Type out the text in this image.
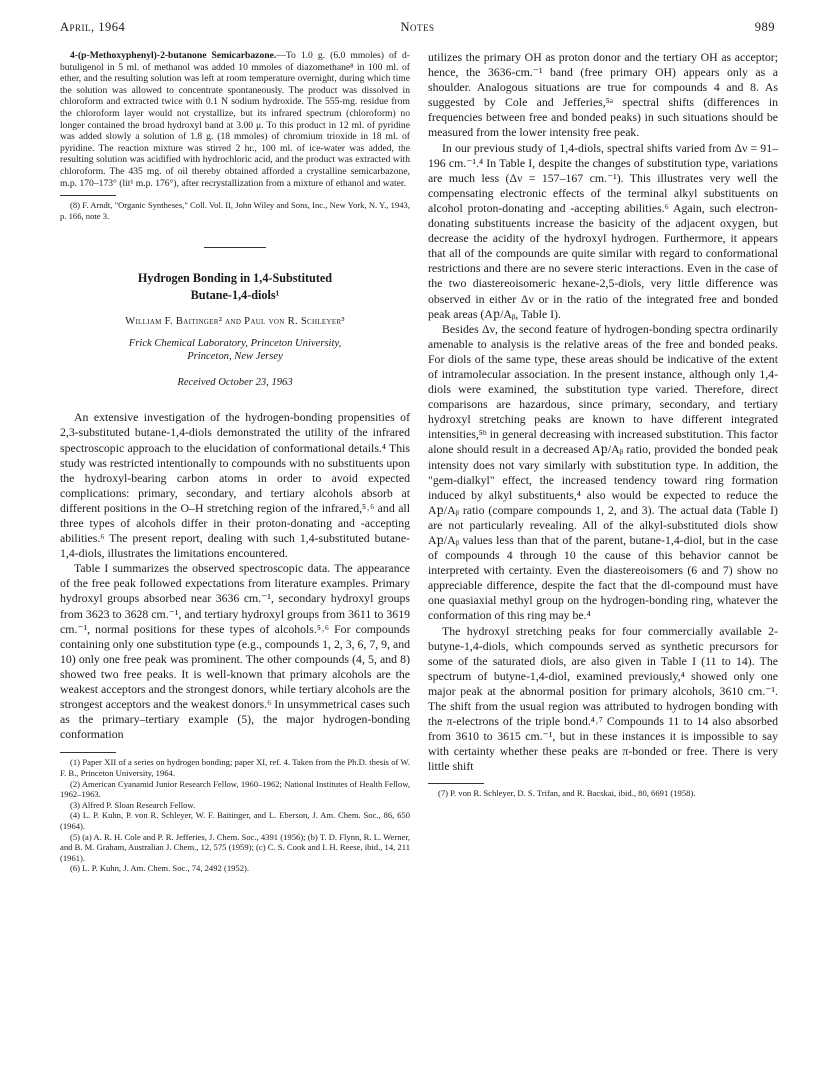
April, 1964	Notes	989

4-(p-Methoxyphenyl)-2-butanone Semicarbazone.—To 1.0 g. (6.0 mmoles) of d-butuligenol in 5 ml. of methanol was added 10 mmoles of diazomethane⁸ in 100 ml. of ether, and the resulting solution was left at room temperature overnight, during which time the solution was allowed to concentrate spontaneously. The product was dissolved in chloroform and extracted twice with 0.1 N sodium hydroxide. The 555-mg. residue from the chloroform layer would not crystallize, but its infrared spectrum (chloroform) no longer contained the broad hydroxyl band at 3.00 μ. To this product in 12 ml. of pyridine was added slowly a solution of 1.8 g. (18 mmoles) of chromium trioxide in 18 ml. of pyridine. The reaction mixture was stirred 2 hr., 100 ml. of ice-water was added, the resulting solution was acidified with hydrochloric acid, and the product was extracted with chloroform. The 435 mg. of oil thereby obtained afforded a crystalline semicarbazone, m.p. 170–173° (lit¹ m.p. 176°), after recrystallization from a mixture of ethanol and water.

(8) F. Arndt, "Organic Syntheses," Coll. Vol. II, John Wiley and Sons, Inc., New York, N. Y., 1943, p. 166, note 3.

Hydrogen Bonding in 1,4-Substituted
Butane-1,4-diols¹
William F. Baitinger² and Paul von R. Schleyer³
Frick Chemical Laboratory, Princeton University,
Princeton, New Jersey
Received October 23, 1963

An extensive investigation of the hydrogen-bonding propensities of 2,3-substituted butane-1,4-diols demonstrated the utility of the infrared spectroscopic approach to the elucidation of conformational details.⁴ This study was restricted intentionally to compounds with no substituents upon the hydroxyl-bearing carbon atoms in order to avoid expected complications: primary, secondary, and tertiary alcohols absorb at different positions in the O–H stretching region of the infrared,⁵˒⁶ and all three types of alcohols differ in their proton-donating and -accepting abilities.⁶ The present report, dealing with such 1,4-substituted butane-1,4-diols, illustrates the limitations encountered.

Table I summarizes the observed spectroscopic data. The appearance of the free peak followed expectations from literature examples. Primary hydroxyl groups absorbed near 3636 cm.⁻¹, secondary hydroxyl groups from 3623 to 3628 cm.⁻¹, and tertiary hydroxyl groups from 3611 to 3619 cm.⁻¹, normal positions for these types of alcohols.⁵˒⁶ For compounds containing only one substitution type (e.g., compounds 1, 2, 3, 6, 7, 9, and 10) only one free peak was prominent. The other compounds (4, 5, and 8) showed two free peaks. It is well-known that primary alcohols are the weakest acceptors and the strongest donors, while tertiary alcohols are the strongest acceptors and the weakest donors.⁶ In unsymmetrical cases such as the primary–tertiary example (5), the major hydrogen-bonding conformation

(1) Paper XII of a series on hydrogen bonding; paper XI, ref. 4. Taken from the Ph.D. thesis of W. F. B., Princeton University, 1964.

(2) American Cyanamid Junior Research Fellow, 1960–1962; National Institutes of Health Fellow, 1962–1963.

(3) Alfred P. Sloan Research Fellow.

(4) L. P. Kuhn, P. von R. Schleyer, W. F. Baitinger, and L. Eberson, J. Am. Chem. Soc., 86, 650 (1964).

(5) (a) A. R. H. Cole and P. R. Jefferies, J. Chem. Soc., 4391 (1956); (b) T. D. Flynn, R. L. Werner, and B. M. Graham, Australian J. Chem., 12, 575 (1959); (c) C. S. Cook and I. H. Reese, ibid., 14, 211 (1961).

(6) L. P. Kuhn, J. Am. Chem. Soc., 74, 2492 (1952).

utilizes the primary OH as proton donor and the tertiary OH as acceptor; hence, the 3636-cm.⁻¹ band (free primary OH) appears only as a shoulder. Analogous situations are true for compounds 4 and 8. As suggested by Cole and Jefferies,⁵ᵃ spectral shifts (differences in frequencies between free and bonded peaks) in such situations should be measured from the lower intensity free peak.

In our previous study of 1,4-diols, spectral shifts varied from Δν = 91–196 cm.⁻¹.⁴ In Table I, despite the changes of substitution type, variations are much less (Δν = 157–167 cm.⁻¹). This illustrates very well the compensating electronic effects of the terminal alkyl substituents on alcohol proton-donating and -accepting abilities.⁶ Again, such electron-donating substituents increase the basicity of the adjacent oxygen, but decrease the acidity of the hydroxyl hydrogen. Furthermore, it appears that all of the compounds are quite similar with regard to conformational restrictions and there are no severe steric interactions. Even in the case of the two diastereoisomeric hexane-2,5-diols, very little difference was observed in either Δν or in the ratio of the integrated free and bonded peak areas (Aբ/Aᵦ, Table I).

Besides Δν, the second feature of hydrogen-bonding spectra ordinarily amenable to analysis is the relative areas of the free and bonded peaks. For diols of the same type, these areas should be indicative of the extent of intramolecular association. In the present instance, although only 1,4-diols were examined, the substitution type varied. Therefore, direct comparisons are hazardous, since primary, secondary, and tertiary hydroxyl stretching peaks are known to have different integrated intensities,⁵ᵇ in general decreasing with increased substitution. This factor alone should result in a decreased Aբ/Aᵦ ratio, provided the bonded peak intensity does not vary similarly with substitution type. In addition, the "gem-dialkyl" effect, the increased tendency toward ring formation induced by alkyl substituents,⁴ also would be expected to reduce the Aբ/Aᵦ ratio (compare compounds 1, 2, and 3). The actual data (Table I) are not particularly revealing. All of the alkyl-substituted diols show Aբ/Aᵦ values less than that of the parent, butane-1,4-diol, but in the case of compounds 4 through 10 the cause of this behavior cannot be interpreted with certainty. Even the diastereoisomers (6 and 7) show no appreciable difference, despite the fact that the dl-compound must have one quasiaxial methyl group on the hydrogen-bonding ring, whatever the conformation of this ring may be.⁴

The hydroxyl stretching peaks for four commercially available 2-butyne-1,4-diols, which compounds served as synthetic precursors for some of the saturated diols, are also given in Table I (11 to 14). The spectrum of butyne-1,4-diol, examined previously,⁴ showed only one major peak at the abnormal position for primary alcohols, 3610 cm.⁻¹. The shift from the usual region was attributed to hydrogen bonding with the π-electrons of the triple bond.⁴˒⁷ Compounds 11 to 14 also absorbed from 3610 to 3615 cm.⁻¹, but in these instances it is impossible to say with certainty whether these peaks are π-bonded or free. There is very little shift

(7) P. von R. Schleyer, D. S. Trifan, and R. Bacskai, ibid., 80, 6691 (1958).
